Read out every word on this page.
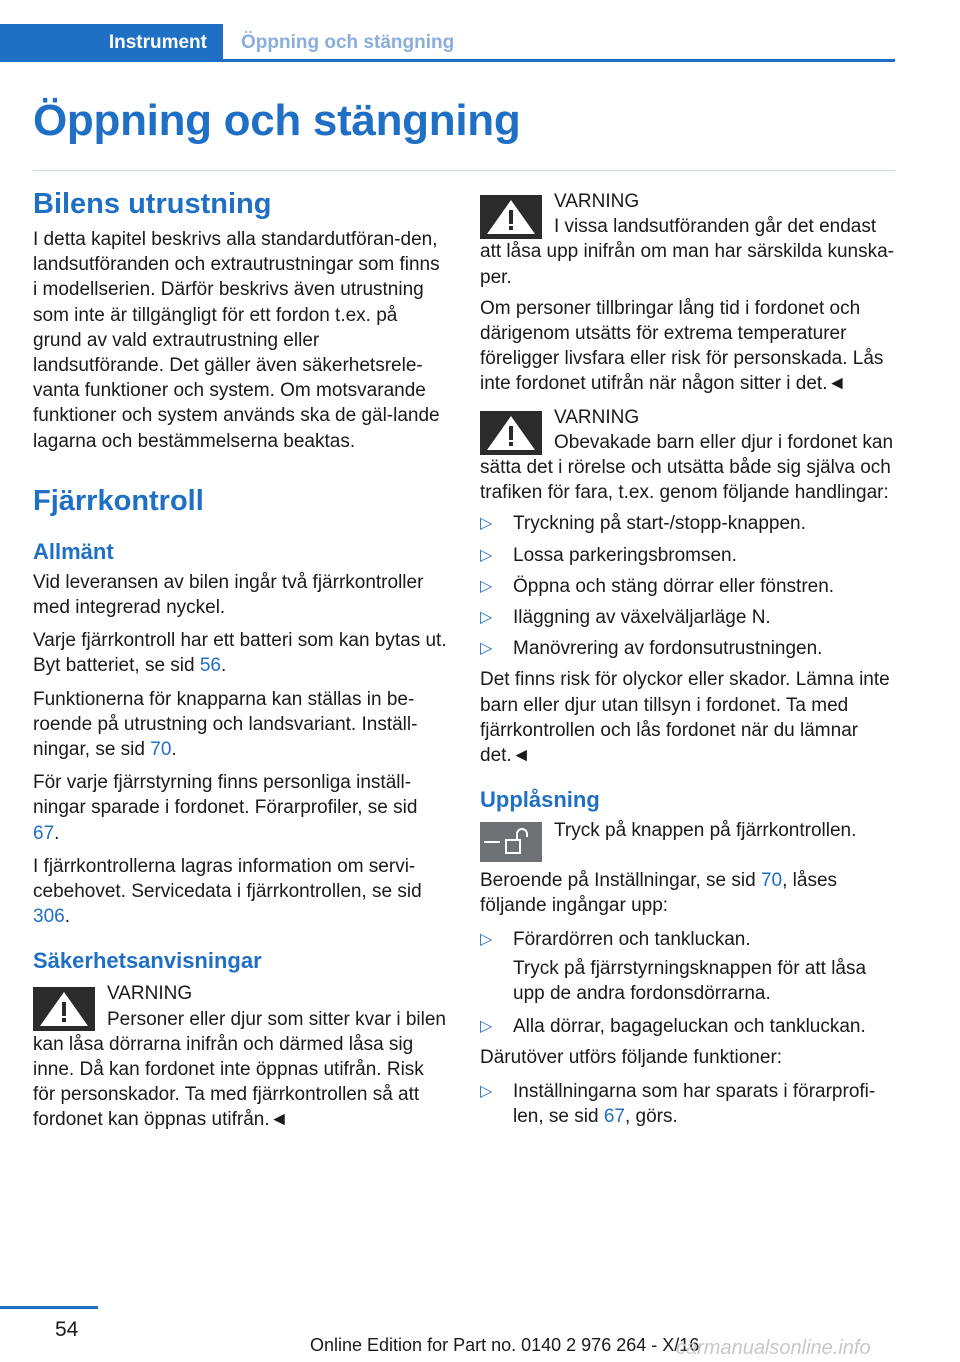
Instrument	Öppning och stängning
Öppning och stängning
Bilens utrustning

I detta kapitel beskrivs alla standardutföran-den, landsutföranden och extrautrustningar som finns i modellserien. Därför beskrivs även utrustning som inte är tillgängligt för ett fordon t.ex. på grund av vald extrautrustning eller landsutförande. Det gäller även säkerhetsrele-vanta funktioner och system. Om motsvarande funktioner och system används ska de gäl-lande lagarna och bestämmelserna beaktas.

Fjärrkontroll
Allmänt

Vid leveransen av bilen ingår två fjärrkontroller med integrerad nyckel.

Varje fjärrkontroll har ett batteri som kan bytas ut. Byt batteriet, se sid 56.

Funktionerna för knapparna kan ställas in be-roende på utrustning och landsvariant. Inställ-ningar, se sid 70.

För varje fjärrstyrning finns personliga inställ-ningar sparade i fordonet. Förarprofiler, se sid 67.

I fjärrkontrollerna lagras information om servi-cebehovet. Servicedata i fjärrkontrollen, se sid 306.

Säkerhetsanvisningar
VARNING
Personer eller djur som sitter kvar i bilen kan låsa dörrarna inifrån och därmed låsa sig inne. Då kan fordonet inte öppnas utifrån. Risk för personskador. Ta med fjärrkontrollen så att fordonet kan öppnas utifrån.◄
VARNING
I vissa landsutföranden går det endast att låsa upp inifrån om man har särskilda kunska-per.

Om personer tillbringar lång tid i fordonet och därigenom utsätts för extrema temperaturer föreligger livsfara eller risk för personskada. Lås inte fordonet utifrån när någon sitter i det.◄

VARNING
Obevakade barn eller djur i fordonet kan sätta det i rörelse och utsätta både sig själva och trafiken för fara, t.ex. genom följande handlingar:
▷ Tryckning på start-/stopp-knappen.
▷ Lossa parkeringsbromsen.
▷ Öppna och stäng dörrar eller fönstren.
▷ Iläggning av växelväljarläge N.
▷ Manövrering av fordonsutrustningen.

Det finns risk för olyckor eller skador. Lämna inte barn eller djur utan tillsyn i fordonet. Ta med fjärrkontrollen och lås fordonet när du lämnar det.◄

Upplåsning
Tryck på knappen på fjärrkontrollen.

Beroende på Inställningar, se sid 70, låses följande ingångar upp:

▷ Förardörren och tankluckan.

Tryck på fjärrstyrningsknappen för att låsa upp de andra fordonsdörrarna.

▷ Alla dörrar, bagageluckan och tankluckan.

Därutöver utförs följande funktioner:

▷ Inställningarna som har sparats i förarprofi-len, se sid 67, görs.
54
Online Edition for Part no. 0140 2 976 264 - X/16
carmanualsonline.info
